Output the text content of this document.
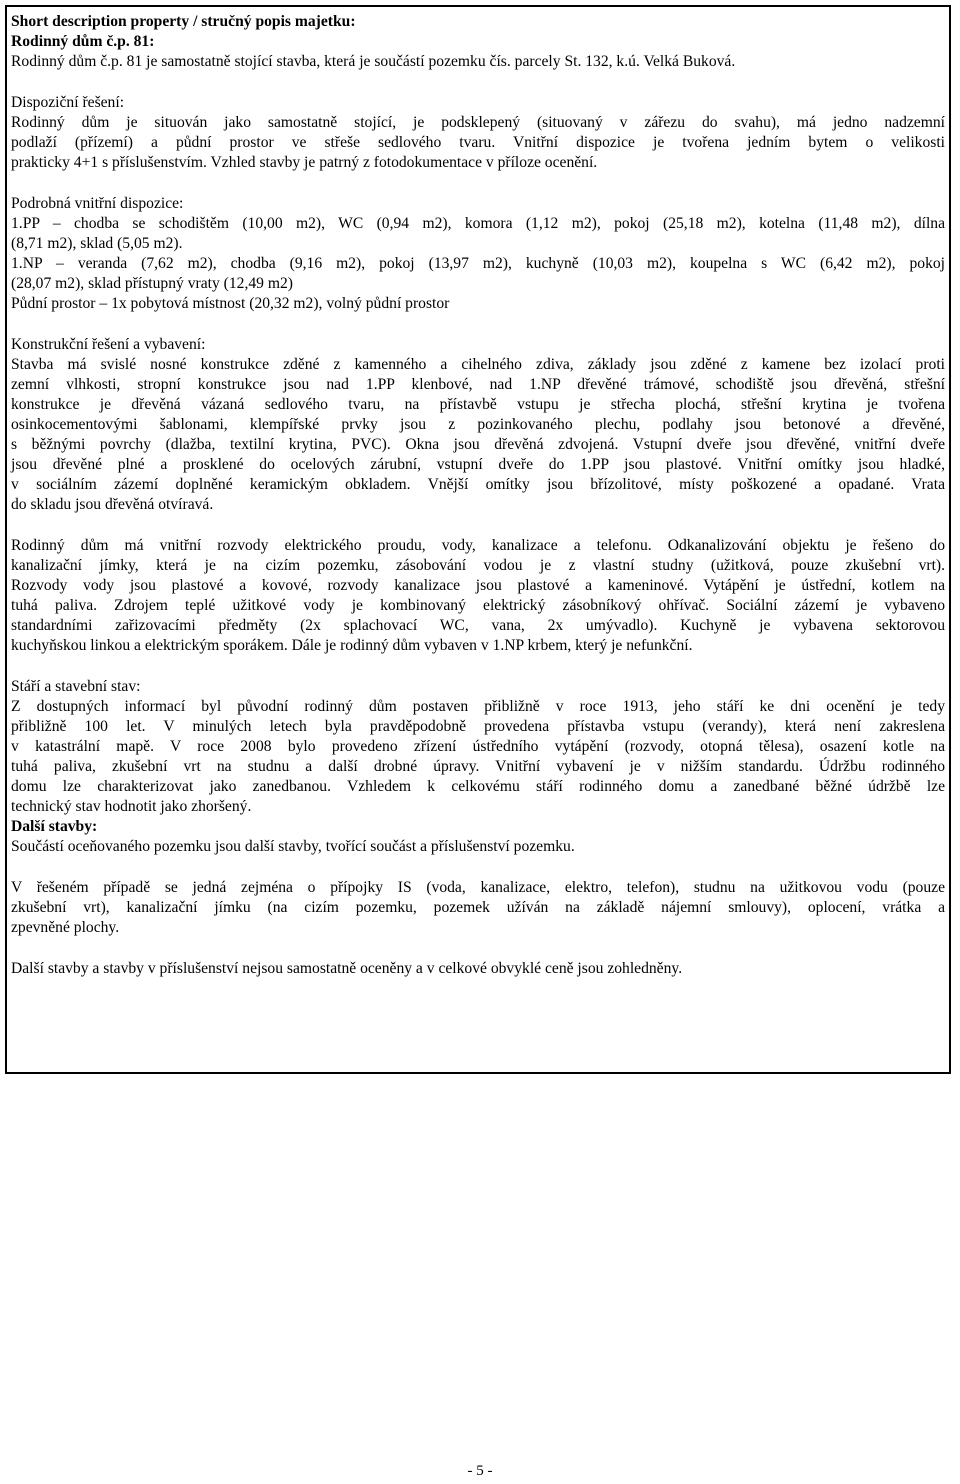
Short description property / stručný popis majetku:

Rodinný dům č.p. 81:

Rodinný dům č.p. 81 je samostatně stojící stavba, která je součástí pozemku čís. parcely St. 132, k.ú. Velká Buková.

Dispoziční řešení:

Rodinný dům je situován jako samostatně stojící, je podsklepený (situovaný v zářezu do svahu), má jedno nadzemní

podlaží (přízemí) a půdní prostor ve střeše sedlového tvaru. Vnitřní dispozice je tvořena jedním bytem o velikosti

prakticky 4+1 s příslušenstvím. Vzhled stavby je patrný z fotodokumentace v příloze ocenění.

Podrobná vnitřní dispozice:

1.PP – chodba se schodištěm (10,00 m2), WC (0,94 m2), komora (1,12 m2), pokoj (25,18 m2), kotelna (11,48 m2), dílna

(8,71 m2), sklad (5,05 m2).

1.NP – veranda (7,62 m2), chodba (9,16 m2), pokoj (13,97 m2), kuchyně (10,03 m2), koupelna s WC (6,42 m2), pokoj

(28,07 m2), sklad přístupný vraty (12,49 m2)

Půdní prostor – 1x pobytová místnost (20,32 m2), volný půdní prostor

Konstrukční řešení a vybavení:

Stavba má svislé nosné konstrukce zděné z kamenného a cihelného zdiva, základy jsou zděné z kamene bez izolací proti

zemní vlhkosti, stropní konstrukce jsou nad 1.PP klenbové, nad 1.NP dřevěné trámové, schodiště jsou dřevěná, střešní

konstrukce je dřevěná vázaná sedlového tvaru, na přístavbě vstupu je střecha plochá, střešní krytina je tvořena

osinkocementovými šablonami, klempířské prvky jsou z pozinkovaného plechu, podlahy jsou betonové a dřevěné,

s běžnými povrchy (dlažba, textilní krytina, PVC). Okna jsou dřevěná zdvojená. Vstupní dveře jsou dřevěné, vnitřní dveře

jsou dřevěné plné a prosklené do ocelových zárubní, vstupní dveře do 1.PP jsou plastové. Vnitřní omítky jsou hladké,

v sociálním zázemí doplněné keramickým obkladem. Vnější omítky jsou břízolitové, místy poškozené a opadané. Vrata

do skladu jsou dřevěná otvíravá.

Rodinný dům má vnitřní rozvody elektrického proudu, vody, kanalizace a telefonu. Odkanalizování objektu je řešeno do

kanalizační jímky, která je na cizím pozemku, zásobování vodou je z vlastní studny (užitková, pouze zkušební vrt).

Rozvody vody jsou plastové a kovové, rozvody kanalizace jsou plastové a kameninové. Vytápění je ústřední, kotlem na

tuhá paliva. Zdrojem teplé užitkové vody je kombinovaný elektrický zásobníkový ohřívač. Sociální zázemí je vybaveno

standardními zařizovacími předměty (2x splachovací WC, vana, 2x umývadlo). Kuchyně je vybavena sektorovou

kuchyňskou linkou a elektrickým sporákem. Dále je rodinný dům vybaven v 1.NP krbem, který je nefunkční.

Stáří a stavební stav:

Z dostupných informací byl původní rodinný dům postaven přibližně v roce 1913, jeho stáří ke dni ocenění je tedy

přibližně 100 let. V minulých letech byla pravděpodobně provedena přístavba vstupu (verandy), která není zakreslena

v katastrální mapě. V roce 2008 bylo provedeno zřízení ústředního vytápění (rozvody, otopná tělesa), osazení kotle na

tuhá paliva, zkušební vrt na studnu a další drobné úpravy. Vnitřní vybavení je v nižším standardu. Údržbu rodinného

domu lze charakterizovat jako zanedbanou. Vzhledem k celkovému stáří rodinného domu a zanedbané běžné údržbě lze

technický stav hodnotit jako zhoršený.

Další stavby:

Součástí oceňovaného pozemku jsou další stavby, tvořící součást a příslušenství pozemku.

V řešeném případě se jedná zejména o přípojky IS (voda, kanalizace, elektro, telefon), studnu na užitkovou vodu (pouze

zkušební vrt), kanalizační jímku (na cizím pozemku, pozemek užíván na základě nájemní smlouvy), oplocení, vrátka a

zpevněné plochy.

Další stavby a stavby v příslušenství nejsou samostatně oceněny a v celkové obvyklé ceně jsou zohledněny.

- 5 -
